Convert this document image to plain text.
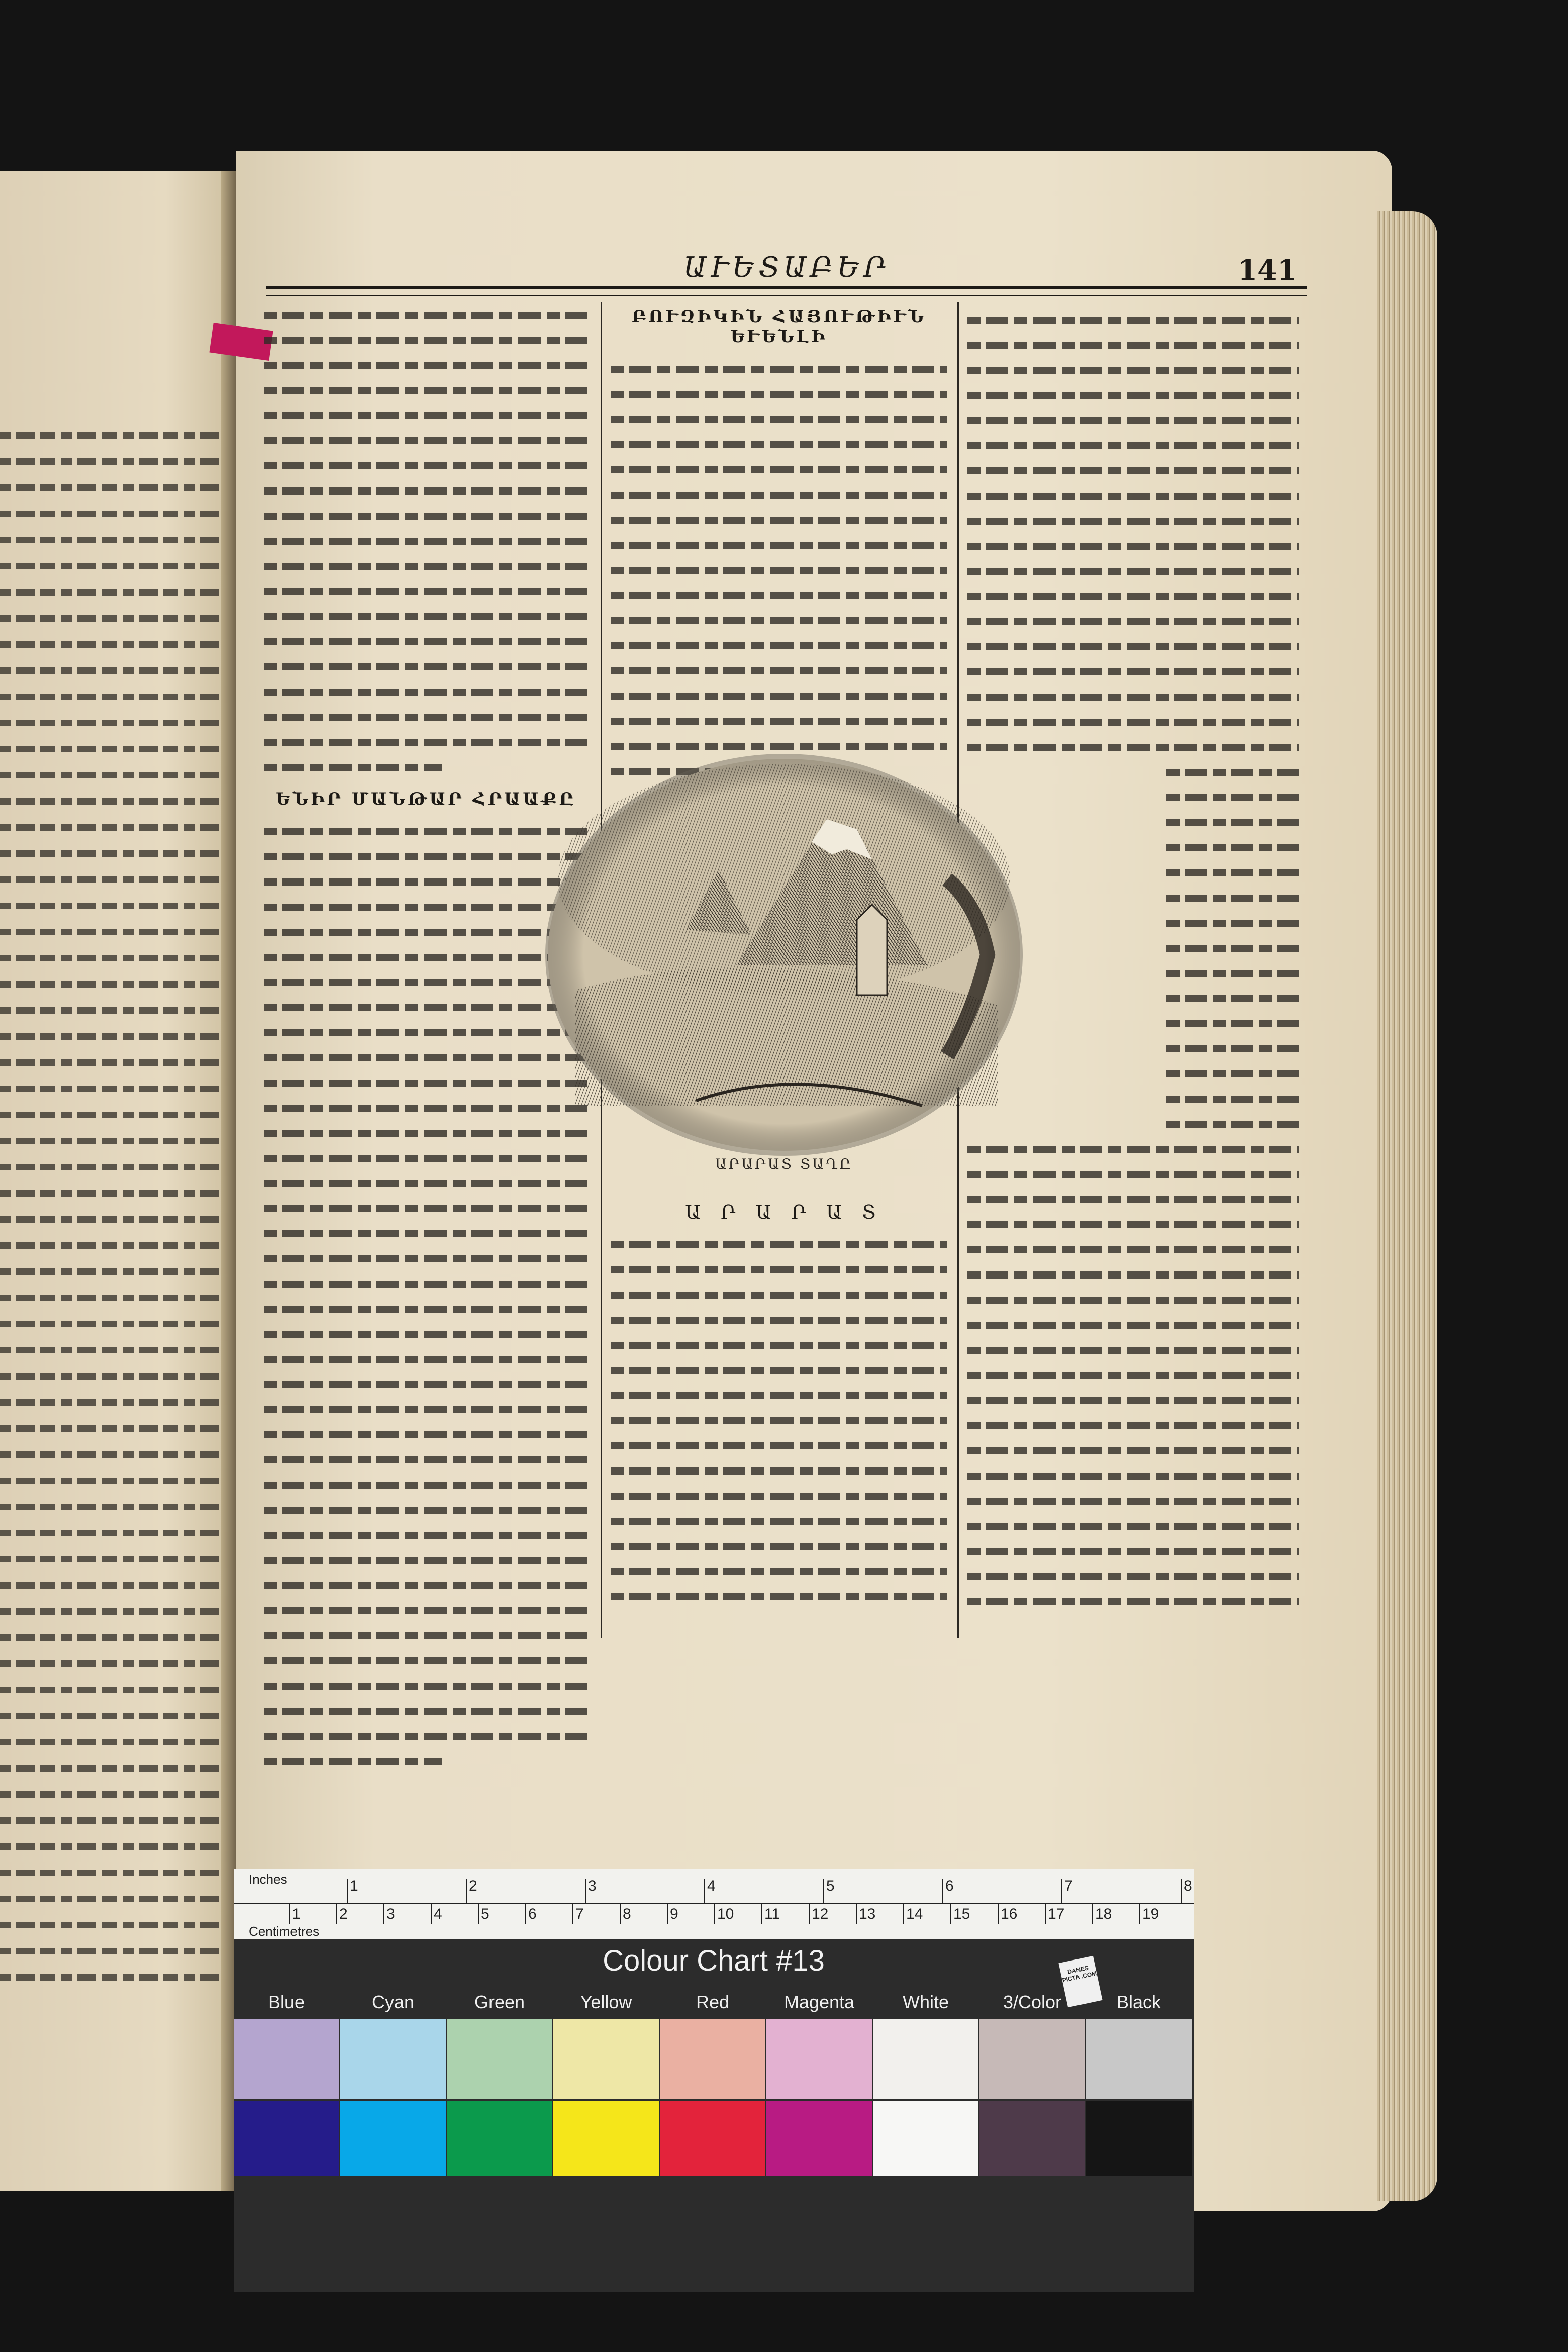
ԱՒԵՏԱԲԵՐ	141
ԵՆԻՐ ՄԱՆԹԱՐ ՀՐԱԱՔԸ
ԲՈՒԶԻԿԻՆ ՀԱՅՈՒԹԻՒՆ ԵՒԵՆԼԻ
ԱՐԱՐԱՏ ՏԱՂԸ
Ա Ր Ա Ր Ա Տ
Inches
Centimetres
1	2	3	4	5	6	7	8
1	2	3	4	5	6	7	8	9	10 11 12 13 14 15 16 17 18 19
Colour Chart #13	DANES PICTA .COM
Blue	Cyan	Green	Yellow	Red	Magenta	White	3/Color	Black
